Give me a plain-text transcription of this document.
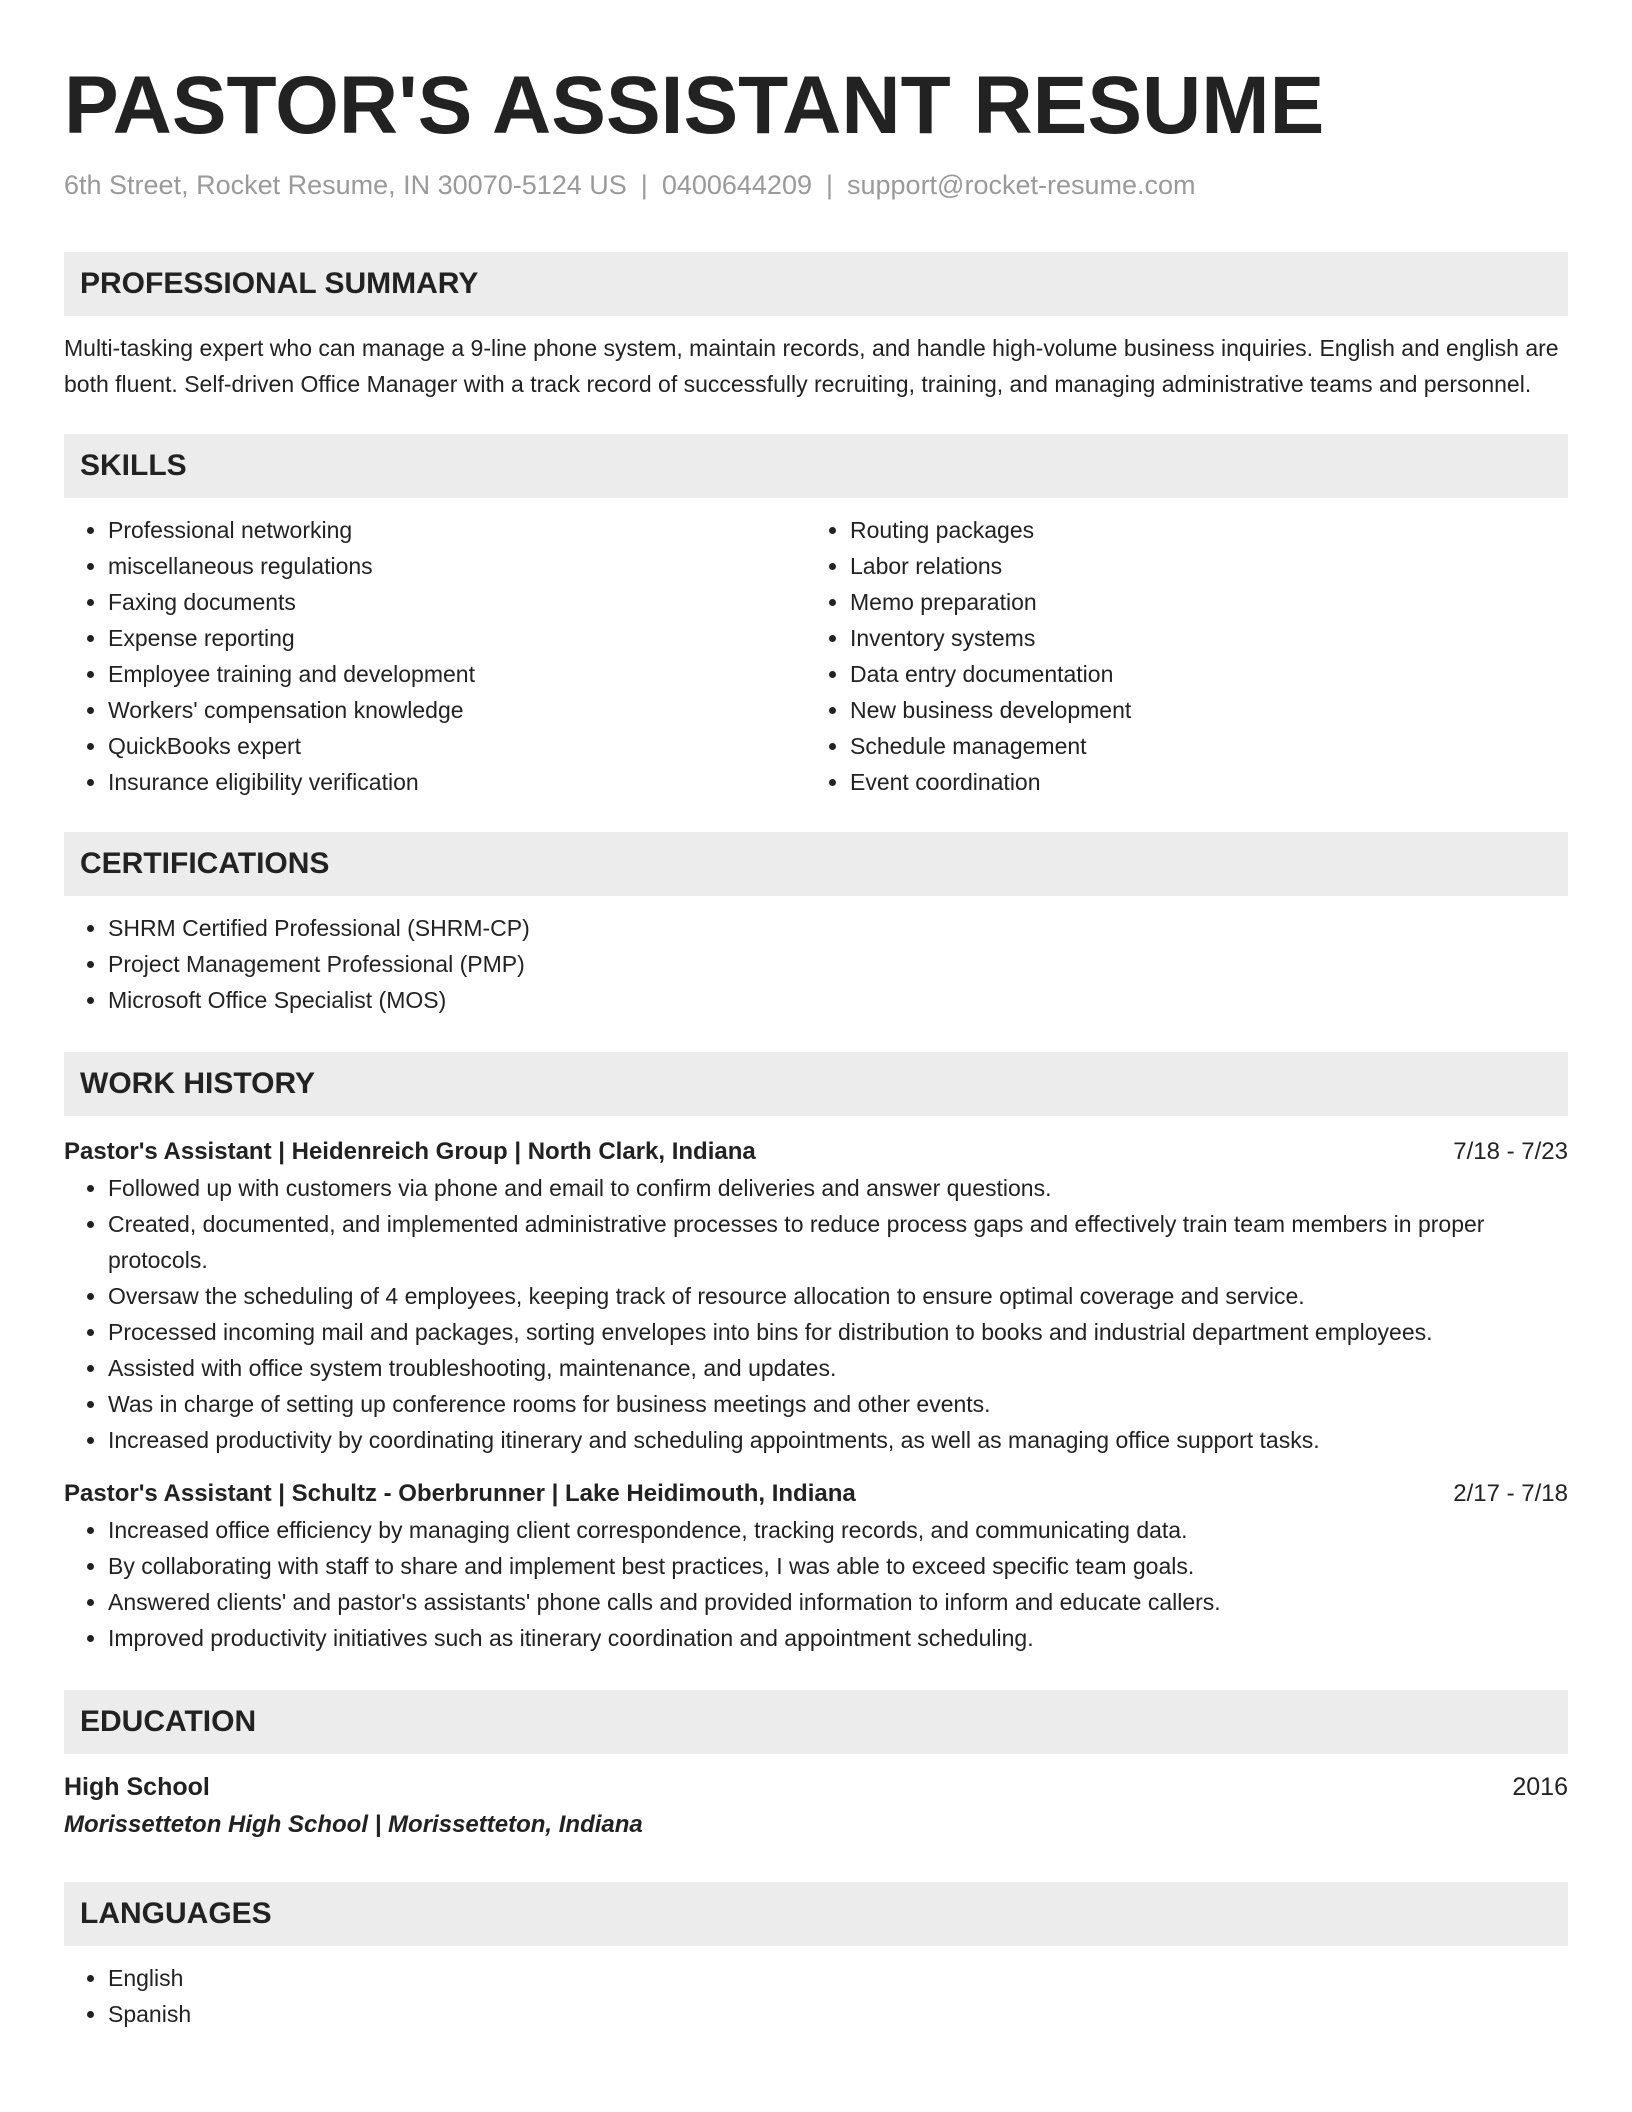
PASTOR'S ASSISTANT RESUME
6th Street, Rocket Resume, IN 30070-5124 US | 0400644209 | support@rocket-resume.com
PROFESSIONAL SUMMARY
Multi-tasking expert who can manage a 9-line phone system, maintain records, and handle high-volume business inquiries. English and english are both fluent. Self-driven Office Manager with a track record of successfully recruiting, training, and managing administrative teams and personnel.
SKILLS
• Professional networking
• miscellaneous regulations
• Faxing documents
• Expense reporting
• Employee training and development
• Workers' compensation knowledge
• QuickBooks expert
• Insurance eligibility verification
• Routing packages
• Labor relations
• Memo preparation
• Inventory systems
• Data entry documentation
• New business development
• Schedule management
• Event coordination
CERTIFICATIONS
• SHRM Certified Professional (SHRM-CP)
• Project Management Professional (PMP)
• Microsoft Office Specialist (MOS)
WORK HISTORY
Pastor's Assistant | Heidenreich Group | North Clark, Indiana	7/18 - 7/23
• Followed up with customers via phone and email to confirm deliveries and answer questions.
• Created, documented, and implemented administrative processes to reduce process gaps and effectively train team members in proper protocols.
• Oversaw the scheduling of 4 employees, keeping track of resource allocation to ensure optimal coverage and service.
• Processed incoming mail and packages, sorting envelopes into bins for distribution to books and industrial department employees.
• Assisted with office system troubleshooting, maintenance, and updates.
• Was in charge of setting up conference rooms for business meetings and other events.
• Increased productivity by coordinating itinerary and scheduling appointments, as well as managing office support tasks.
Pastor's Assistant | Schultz - Oberbrunner | Lake Heidimouth, Indiana	2/17 - 7/18
• Increased office efficiency by managing client correspondence, tracking records, and communicating data.
• By collaborating with staff to share and implement best practices, I was able to exceed specific team goals.
• Answered clients' and pastor's assistants' phone calls and provided information to inform and educate callers.
• Improved productivity initiatives such as itinerary coordination and appointment scheduling.
EDUCATION
High School	2016
Morissetteton High School | Morissetteton, Indiana
LANGUAGES
• English
• Spanish
